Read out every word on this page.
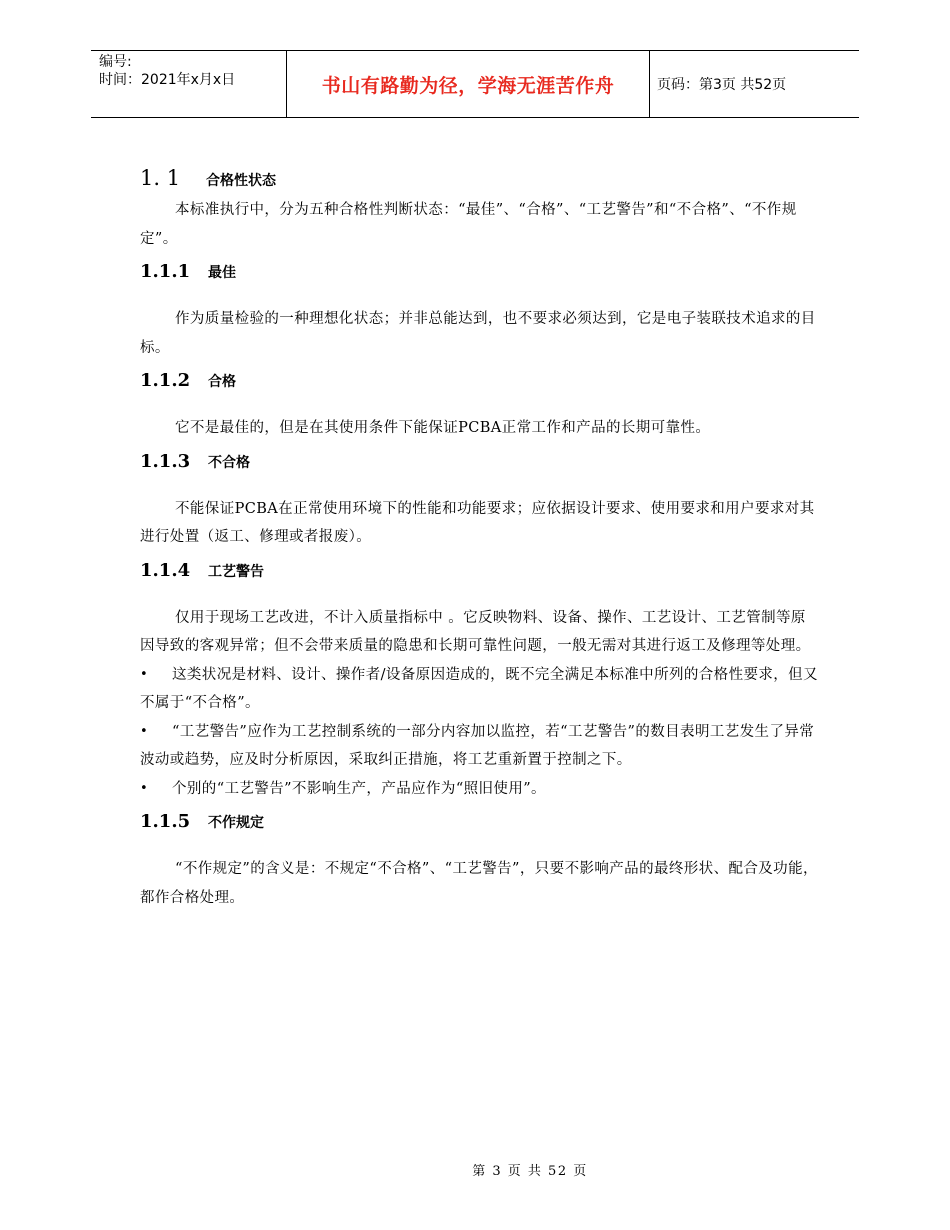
编号:
时间：2021年x月x日	书山有路勤为径，学海无涯苦作舟	页码：第3页 共52页
1. 1	合格性状态

本标准执行中，分为五种合格性判断状态：“最佳”、“合格”、“工艺警告”和“不合格”、“不作规定”。

1.1.1	最佳

作为质量检验的一种理想化状态；并非总能达到，也不要求必须达到，它是电子装联技术追求的目标。

1.1.2	合格

它不是最佳的，但是在其使用条件下能保证PCBA正常工作和产品的长期可靠性。

1.1.3	不合格

不能保证PCBA在正常使用环境下的性能和功能要求；应依据设计要求、使用要求和用户要求对其进行处置（返工、修理或者报废）。

1.1.4	工艺警告

仅用于现场工艺改进，不计入质量指标中 。它反映物料、设备、操作、工艺设计、工艺管制等原因导致的客观异常；但不会带来质量的隐患和长期可靠性问题，一般无需对其进行返工及修理等处理。

• 这类状况是材料、设计、操作者/设备原因造成的，既不完全满足本标准中所列的合格性要求，但又不属于“不合格”。
• “工艺警告”应作为工艺控制系统的一部分内容加以监控，若“工艺警告”的数目表明工艺发生了异常波动或趋势，应及时分析原因，采取纠正措施，将工艺重新置于控制之下。
• 个别的“工艺警告”不影响生产，产品应作为“照旧使用”。
1.1.5	不作规定

“不作规定”的含义是：不规定“不合格”、“工艺警告”，只要不影响产品的最终形状、配合及功能，都作合格处理。

第 3 页 共 52 页
